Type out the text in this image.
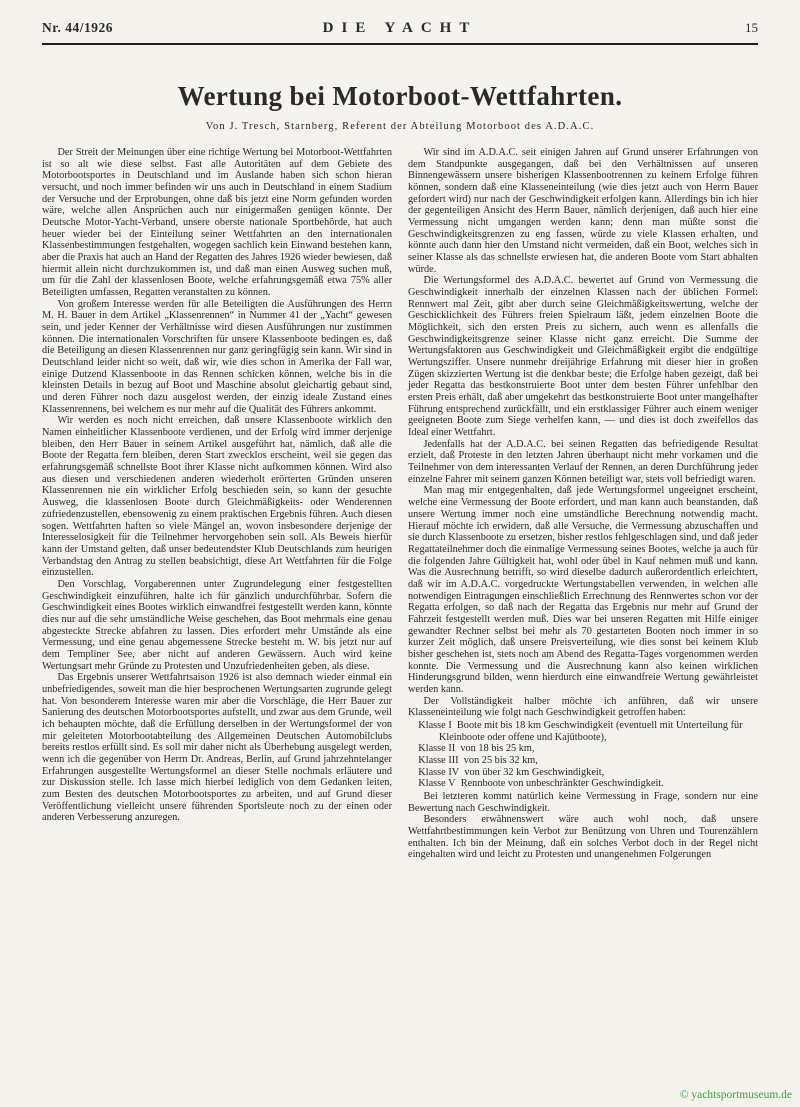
Nr. 44/1926	DIE YACHT	15
Wertung bei Motorboot-Wettfahrten.
Von J. Tresch, Starnberg, Referent der Abteilung Motorboot des A.D.A.C.

Der Streit der Meinungen über eine richtige Wertung bei Motorboot-Wettfahrten ist so alt wie diese selbst. Fast alle Autoritäten auf dem Gebiete des Motorbootsportes in Deutschland und im Auslande haben sich schon hieran versucht, und noch immer befinden wir uns auch in Deutschland in einem Stadium der Versuche und der Erprobungen, ohne daß bis jetzt eine Norm gefunden worden wäre, welche allen Ansprüchen auch nur einigermaßen genügen könnte. Der Deutsche Motor-Yacht-Verband, unsere oberste nationale Sportbehörde, hat auch heuer wieder bei der Einteilung seiner Wettfahrten an den internationalen Klassenbestimmungen festgehalten, wogegen sachlich kein Einwand bestehen kann, aber die Praxis hat auch an Hand der Regatten des Jahres 1926 wieder bewiesen, daß hiermit allein nicht durchzukommen ist, und daß man einen Ausweg suchen muß, um für die Zahl der klassenlosen Boote, welche erfahrungsgemäß etwa 75% aller Beteiligten umfassen, Regatten veranstalten zu können.

Von großem Interesse werden für alle Beteiligten die Ausführungen des Herrn M. H. Bauer in dem Artikel „Klassenrennen“ in Nummer 41 der „Yacht“ gewesen sein, und jeder Kenner der Verhältnisse wird diesen Ausführungen nur zustimmen können. Die internationalen Vorschriften für unsere Klassenboote bedingen es, daß die Beteiligung an diesen Klassenrennen nur ganz geringfügig sein kann. Wir sind in Deutschland leider nicht so weit, daß wir, wie dies schon in Amerika der Fall war, einige Dutzend Klassenboote in das Rennen schicken können, welche bis in die kleinsten Details in bezug auf Boot und Maschine absolut gleichartig gebaut sind, und deren Führer noch dazu ausgelost werden, der einzig ideale Zustand eines Klassenrennens, bei welchem es nur mehr auf die Qualität des Führers ankommt.

Wir werden es noch nicht erreichen, daß unsere Klassenboote wirklich den Namen einheitlicher Klassenboote verdienen, und der Erfolg wird immer derjenige bleiben, den Herr Bauer in seinem Artikel ausgeführt hat, nämlich, daß alle die Boote der Regatta fern bleiben, deren Start zwecklos erscheint, weil sie gegen das erfahrungsgemäß schnellste Boot ihrer Klasse nicht aufkommen können. Wird also aus diesen und verschiedenen anderen wiederholt erörterten Gründen unseren Klassenrennen nie ein wirklicher Erfolg beschieden sein, so kann der gesuchte Ausweg, die klassenlosen Boote durch Gleichmäßigkeits- oder Wenderennen zufriedenzustellen, ebensowenig zu einem praktischen Ergebnis führen. Auch diesen sogen. Wettfahrten haften so viele Mängel an, wovon insbesondere derjenige der Interesselosigkeit für die Teilnehmer hervorgehoben sein soll. Als Beweis hierfür kann der Umstand gelten, daß unser bedeutendster Klub Deutschlands zum heurigen Verbandstag den Antrag zu stellen beabsichtigt, diese Art Wettfahrten für die Folge einzustellen.

Den Vorschlag, Vorgaberennen unter Zugrundelegung einer festgestellten Geschwindigkeit einzuführen, halte ich für gänzlich undurchführbar. Sofern die Geschwindigkeit eines Bootes wirklich einwandfrei festgestellt werden kann, könnte dies nur auf die sehr umständliche Weise geschehen, das Boot mehrmals eine genau abgesteckte Strecke abfahren zu lassen. Dies erfordert mehr Umstände als eine Vermessung, und eine genau abgemessene Strecke besteht m. W. bis jetzt nur auf dem Templiner See, aber nicht auf anderen Gewässern. Auch wird keine Wertungsart mehr Gründe zu Protesten und Unzufriedenheiten geben, als diese.

Das Ergebnis unserer Wettfahrtsaison 1926 ist also demnach wieder einmal ein unbefriedigendes, soweit man die hier besprochenen Wertungsarten zugrunde gelegt hat. Von besonderem Interesse waren mir aber die Vorschläge, die Herr Bauer zur Sanierung des deutschen Motorbootsportes aufstellt, und zwar aus dem Grunde, weil ich behaupten möchte, daß die Erfüllung derselben in der Wertungsformel der von mir geleiteten Motorbootabteilung des Allgemeinen Deutschen Automobilclubs bereits restlos erfüllt sind. Es soll mir daher nicht als Überhebung ausgelegt werden, wenn ich die gegenüber von Herrn Dr. Andreas, Berlin, auf Grund jahrzehntelanger Erfahrungen ausgestellte Wertungsformel an dieser Stelle nochmals erläutere und zur Diskussion stelle. Ich lasse mich hierbei lediglich von dem Gedanken leiten, zum Besten des deutschen Motorbootsportes zu arbeiten, und auf Grund dieser Veröffentlichung vielleicht unsere führenden Sportsleute noch zu der einen oder anderen Verbesserung anzuregen.

Wir sind im A.D.A.C. seit einigen Jahren auf Grund unserer Erfahrungen von dem Standpunkte ausgegangen, daß bei den Verhältnissen auf unseren Binnengewässern unsere bisherigen Klassenbootrennen zu keinem Erfolge führen können, sondern daß eine Klasseneinteilung (wie dies jetzt auch von Herrn Bauer gefordert wird) nur nach der Geschwindigkeit erfolgen kann. Allerdings bin ich hier der gegenteiligen Ansicht des Herrn Bauer, nämlich derjenigen, daß auch hier eine Vermessung nicht umgangen werden kann; denn man müßte sonst die Geschwindigkeitsgrenzen zu eng fassen, würde zu viele Klassen erhalten, und könnte auch dann hier den Umstand nicht vermeiden, daß ein Boot, welches sich in seiner Klasse als das schnellste erwiesen hat, die anderen Boote vom Start abhalten würde.

Die Wertungsformel des A.D.A.C. bewertet auf Grund von Vermessung die Geschwindigkeit innerhalb der einzelnen Klassen nach der üblichen Formel: Rennwert mal Zeit, gibt aber durch seine Gleichmäßigkeitswertung, welche der Geschicklichkeit des Führers freien Spielraum läßt, jedem einzelnen Boote die Möglichkeit, sich den ersten Preis zu sichern, auch wenn es allenfalls die Geschwindigkeitsgrenze seiner Klasse nicht ganz erreicht. Die Summe der Wertungsfaktoren aus Geschwindigkeit und Gleichmäßigkeit ergibt die endgültige Wertungsziffer. Unsere nunmehr dreijährige Erfahrung mit dieser hier in großen Zügen skizzierten Wertung ist die denkbar beste; die Erfolge haben gezeigt, daß bei jeder Regatta das bestkonstruierte Boot unter dem besten Führer unfehlbar den ersten Preis erhält, daß aber umgekehrt das bestkonstruierte Boot unter mangelhafter Führung entsprechend zurückfällt, und ein erstklassiger Führer auch einem weniger geeigneten Boote zum Siege verhelfen kann, — und dies ist doch zweifellos das Ideal einer Wettfahrt.

Jedenfalls hat der A.D.A.C. bei seinen Regatten das befriedigende Resultat erzielt, daß Proteste in den letzten Jahren überhaupt nicht mehr vorkamen und die Teilnehmer von dem interessanten Verlauf der Rennen, an deren Durchführung jeder einzelne Fahrer mit seinem ganzen Können beteiligt war, stets voll befriedigt waren.

Man mag mir entgegenhalten, daß jede Wertungsformel ungeeignet erscheint, welche eine Vermessung der Boote erfordert, und man kann auch beanstanden, daß unsere Wertung immer noch eine umständliche Berechnung notwendig macht. Hierauf möchte ich erwidern, daß alle Versuche, die Vermessung abzuschaffen und sie durch Klassenboote zu ersetzen, bisher restlos fehlgeschlagen sind, und daß jeder Regattateilnehmer doch die einmalige Vermessung seines Bootes, welche ja auch für die folgenden Jahre Gültigkeit hat, wohl oder übel in Kauf nehmen muß und kann. Was die Ausrechnung betrifft, so wird dieselbe dadurch außerordentlich erleichtert, daß wir im A.D.A.C. vorgedruckte Wertungstabellen verwenden, in welchen alle notwendigen Eintragungen einschließlich Errechnung des Rennwertes schon vor der Regatta erfolgen, so daß nach der Regatta das Ergebnis nur mehr auf Grund der Fahrzeit festgestellt werden muß. Dies war bei unseren Regatten mit Hilfe einiger gewandter Rechner selbst bei mehr als 70 gestarteten Booten noch immer in so kurzer Zeit möglich, daß unsere Preisverteilung, wie dies sonst bei keinem Klub bisher geschehen ist, stets noch am Abend des Regatta-Tages vorgenommen werden konnte. Die Vermessung und die Ausrechnung kann also keinen wirklichen Hinderungsgrund bilden, wenn hierdurch eine einwandfreie Wertung gewährleistet werden kann.

Der Vollständigkeit halber möchte ich anführen, daß wir unsere Klasseneinteilung wie folgt nach Geschwindigkeit getroffen haben:

Klasse I Boote mit bis 18 km Geschwindigkeit (eventuell mit Unterteilung für Kleinboote oder offene und Kajütboote),
Klasse II von 18 bis 25 km,
Klasse III von 25 bis 32 km,
Klasse IV von über 32 km Geschwindigkeit,
Klasse V Rennboote von unbeschränkter Geschwindigkeit.

Bei letzteren kommt natürlich keine Vermessung in Frage, sondern nur eine Bewertung nach Geschwindigkeit.

Besonders erwähnenswert wäre auch wohl noch, daß unsere Wettfahrtbestimmungen kein Verbot zur Benützung von Uhren und Tourenzählern enthalten. Ich bin der Meinung, daß ein solches Verbot doch in der Regel nicht eingehalten wird und leicht zu Protesten und unangenehmen Folgerungen

© yachtsportmuseum.de
